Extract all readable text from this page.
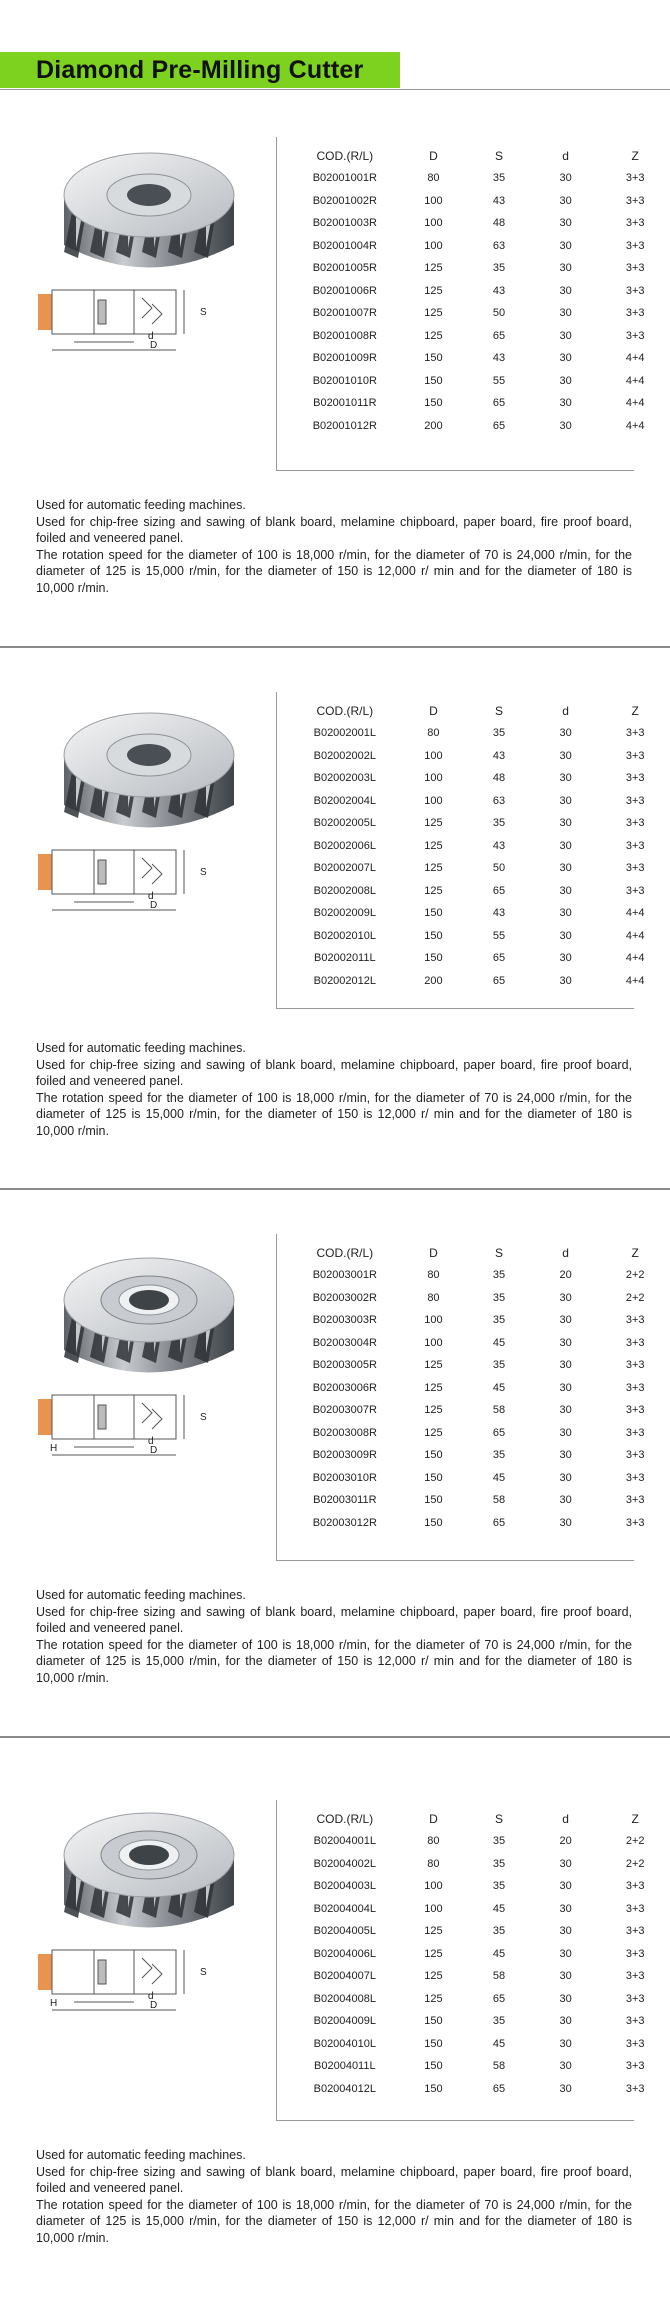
Diamond Pre-Milling Cutter
S
d
D
COD.(R/L)	D	S	d	Z
B02001001R	80	35	30	3+3
B02001002R	100	43	30	3+3
B02001003R	100	48	30	3+3
B02001004R	100	63	30	3+3
B02001005R	125	35	30	3+3
B02001006R	125	43	30	3+3
B02001007R	125	50	30	3+3
B02001008R	125	65	30	3+3
B02001009R	150	43	30	4+4
B02001010R	150	55	30	4+4
B02001011R	150	65	30	4+4
B02001012R	200	65	30	4+4

Used for automatic feeding machines.

Used for chip-free sizing and sawing of blank board, melamine chipboard, paper board, fire proof board, foiled and veneered panel.

The rotation speed for the diameter of 100 is 18,000 r/min, for the diameter of 70 is 24,000 r/min, for the diameter of 125 is 15,000 r/min, for the diameter of 150 is 12,000 r/ min and for the diameter of 180 is 10,000 r/min.

S
d
D
COD.(R/L)	D	S	d	Z
B02002001L	80	35	30	3+3
B02002002L	100	43	30	3+3
B02002003L	100	48	30	3+3
B02002004L	100	63	30	3+3
B02002005L	125	35	30	3+3
B02002006L	125	43	30	3+3
B02002007L	125	50	30	3+3
B02002008L	125	65	30	3+3
B02002009L	150	43	30	4+4
B02002010L	150	55	30	4+4
B02002011L	150	65	30	4+4
B02002012L	200	65	30	4+4

Used for automatic feeding machines.

Used for chip-free sizing and sawing of blank board, melamine chipboard, paper board, fire proof board, foiled and veneered panel.

The rotation speed for the diameter of 100 is 18,000 r/min, for the diameter of 70 is 24,000 r/min, for the diameter of 125 is 15,000 r/min, for the diameter of 150 is 12,000 r/ min and for the diameter of 180 is 10,000 r/min.

S
d
D
H
COD.(R/L)	D	S	d	Z
B02003001R	80	35	20	2+2
B02003002R	80	35	30	2+2
B02003003R	100	35	30	3+3
B02003004R	100	45	30	3+3
B02003005R	125	35	30	3+3
B02003006R	125	45	30	3+3
B02003007R	125	58	30	3+3
B02003008R	125	65	30	3+3
B02003009R	150	35	30	3+3
B02003010R	150	45	30	3+3
B02003011R	150	58	30	3+3
B02003012R	150	65	30	3+3

Used for automatic feeding machines.

Used for chip-free sizing and sawing of blank board, melamine chipboard, paper board, fire proof board, foiled and veneered panel.

The rotation speed for the diameter of 100 is 18,000 r/min, for the diameter of 70 is 24,000 r/min, for the diameter of 125 is 15,000 r/min, for the diameter of 150 is 12,000 r/ min and for the diameter of 180 is 10,000 r/min.

S
d
D
H
COD.(R/L)	D	S	d	Z
B02004001L	80	35	20	2+2
B02004002L	80	35	30	2+2
B02004003L	100	35	30	3+3
B02004004L	100	45	30	3+3
B02004005L	125	35	30	3+3
B02004006L	125	45	30	3+3
B02004007L	125	58	30	3+3
B02004008L	125	65	30	3+3
B02004009L	150	35	30	3+3
B02004010L	150	45	30	3+3
B02004011L	150	58	30	3+3
B02004012L	150	65	30	3+3

Used for automatic feeding machines.

Used for chip-free sizing and sawing of blank board, melamine chipboard, paper board, fire proof board, foiled and veneered panel.

The rotation speed for the diameter of 100 is 18,000 r/min, for the diameter of 70 is 24,000 r/min, for the diameter of 125 is 15,000 r/min, for the diameter of 150 is 12,000 r/ min and for the diameter of 180 is 10,000 r/min.
